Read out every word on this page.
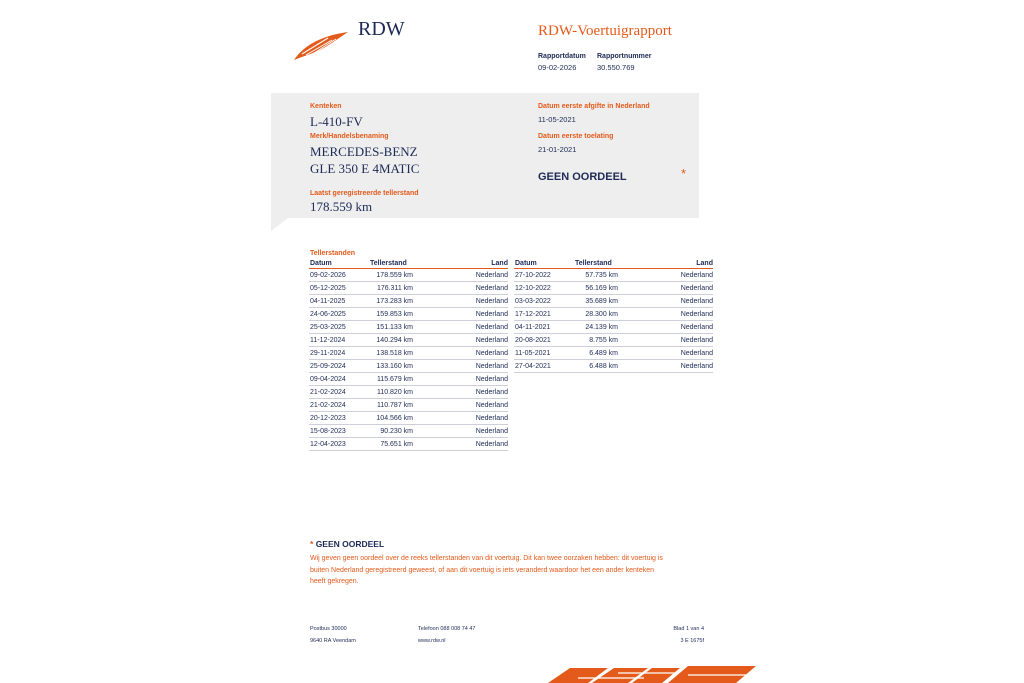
RDW	RDW-Voertuigrapport
Rapportdatum
09-02-2026
Rapportnummer
30.550.769
Kenteken
L-410-FV
Merk/Handelsbenaming
MERCEDES-BENZ
GLE 350 E 4MATIC
Laatst geregistreerde tellerstand
178.559 km
Datum eerste afgifte in Nederland
11-05-2021
Datum eerste toelating
21-01-2021
GEEN OORDEEL	*
Tellerstanden
Datum	Tellerstand	Land
09-02-2026	178.559 km	Nederland
05-12-2025	176.311 km	Nederland
04-11-2025	173.283 km	Nederland
24-06-2025	159.853 km	Nederland
25-03-2025	151.133 km	Nederland
11-12-2024	140.294 km	Nederland
29-11-2024	138.518 km	Nederland
25-09-2024	133.160 km	Nederland
09-04-2024	115.679 km	Nederland
21-02-2024	110.820 km	Nederland
21-02-2024	110.787 km	Nederland
20-12-2023	104.566 km	Nederland
15-08-2023	90.230 km	Nederland
12-04-2023	75.651 km	Nederland
Datum	Tellerstand	Land
27-10-2022	57.735 km	Nederland
12-10-2022	56.169 km	Nederland
03-03-2022	35.689 km	Nederland
17-12-2021	28.300 km	Nederland
04-11-2021	24.139 km	Nederland
20-08-2021	8.755 km	Nederland
11-05-2021	6.489 km	Nederland
27-04-2021	6.488 km	Nederland
* GEEN OORDEEL
Wij geven geen oordeel over de reeks tellerstanden van dit voertuig. Dit kan twee oorzaken hebben: dit voertuig is
buiten Nederland geregistreerd geweest, of aan dit voertuig is iets veranderd waardoor het een ander kenteken
heeft gekregen.
Postbus 30000
9640 RA Veendam
Telefoon 088 008 74 47
www.rdw.nl
Blad 1 van 4
3 E 1675f
